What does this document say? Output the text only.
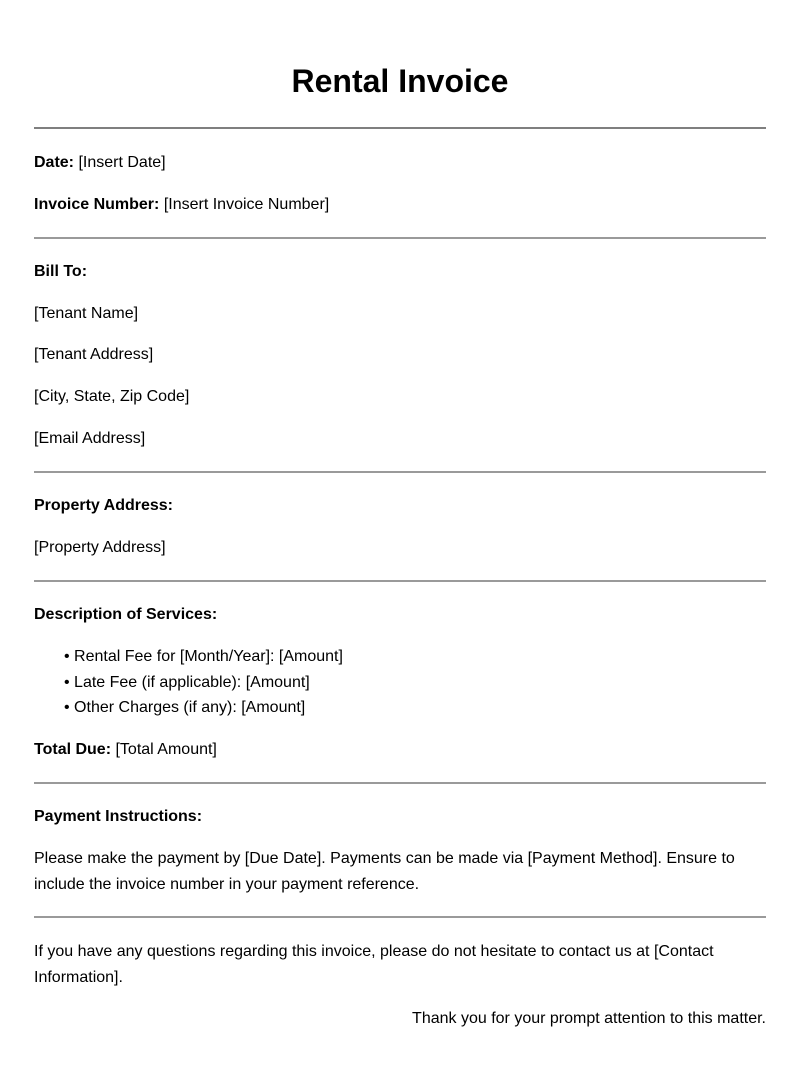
Rental Invoice
Date: [Insert Date]
Invoice Number: [Insert Invoice Number]
Bill To:
[Tenant Name]
[Tenant Address]
[City, State, Zip Code]
[Email Address]
Property Address:
[Property Address]
Description of Services:
• Rental Fee for [Month/Year]: [Amount]
• Late Fee (if applicable): [Amount]
• Other Charges (if any): [Amount]
Total Due: [Total Amount]
Payment Instructions:
Please make the payment by [Due Date]. Payments can be made via [Payment Method]. Ensure to include the invoice number in your payment reference.
If you have any questions regarding this invoice, please do not hesitate to contact us at [Contact Information].
Thank you for your prompt attention to this matter.
